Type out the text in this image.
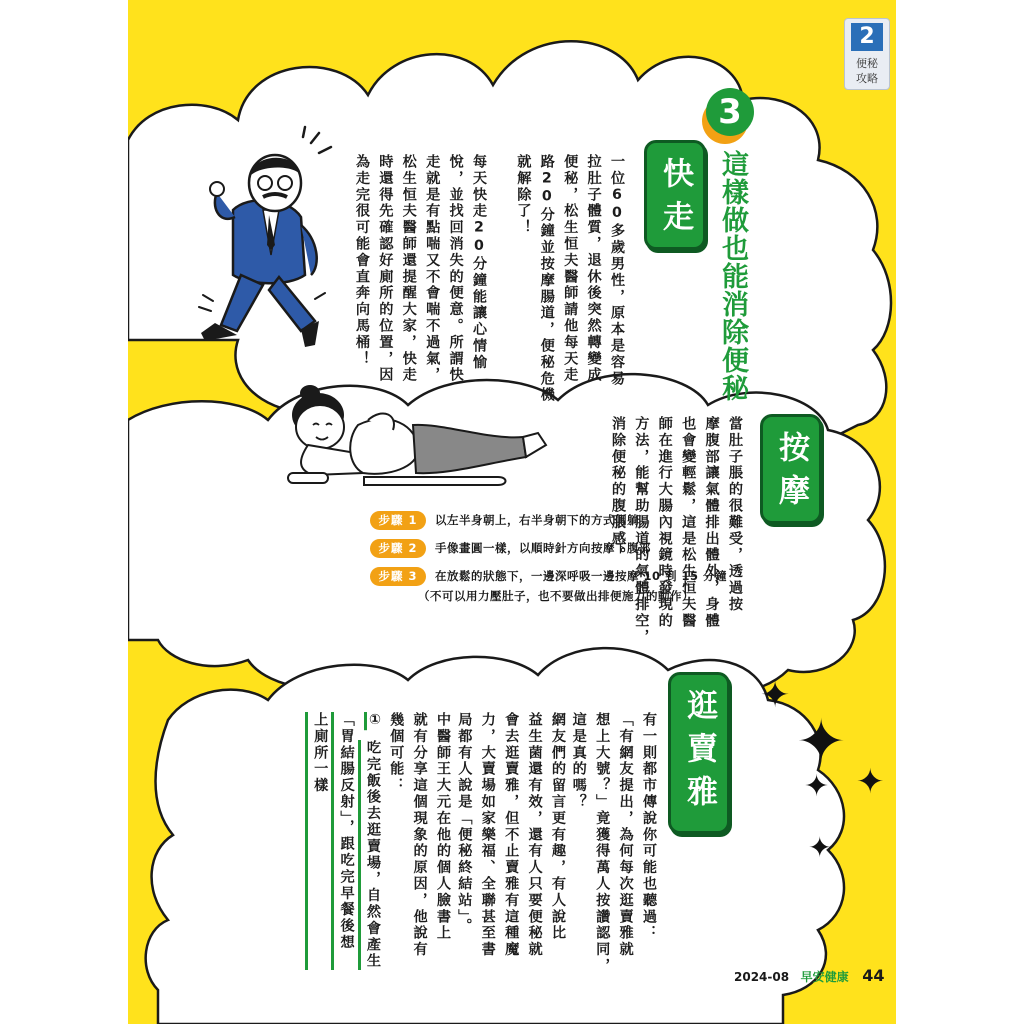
2
便秘
攻略
3
這樣做也能消除便秘
快走
一位60多歲男性，原本是容易
拉肚子體質，退休後突然轉變成
便秘，松生恒夫醫師請他每天走
路20分鐘並按摩腸道，便秘危機
就解除了！
每天快走20分鐘能讓心情愉
悅，並找回消失的便意。所謂快
走就是有點喘又不會喘不過氣，
松生恒夫醫師還提醒大家，快走
時還得先確認好廁所的位置，因
為走完很可能會直奔向馬桶！
按摩
當肚子脹的很難受，透過按
摩腹部讓氣體排出體外，身體
也會變輕鬆，這是松生恒夫醫
師在進行大腸內視鏡時發現的
方法，能幫助腸道的氣體排空，
消除便秘的腹脹感。
步驟 1	以左半身朝上，右半身朝下的方式側躺
步驟 2	手像畫圓一樣，以順時針方向按摩下腹部
步驟 3	在放鬆的狀態下，一邊深呼吸一邊按摩 10 到 15 分鐘
（不可以用力壓肚子，也不要做出排便施力的動作）
逛賣雅
有一則都市傳說你可能也聽過：
「有網友提出，為何每次逛賣雅就
想上大號？」竟獲得萬人按讚認同，
這是真的嗎？
網友們的留言更有趣，有人說比
益生菌還有效，還有人只要便秘就
會去逛賣雅，但不止賣雅有這種魔
力，大賣場如家樂福、全聯甚至書
局都有人說是「便秘終結站」。
中醫師王大元在他的個人臉書上
就有分享這個現象的原因，他說有
幾個可能：
①
吃完飯後去逛賣場，自然會產生
「胃結腸反射」，跟吃完早餐後想
上廁所一樣
✦
✦
✦ ✦
✦
2024-08 早安健康 44
